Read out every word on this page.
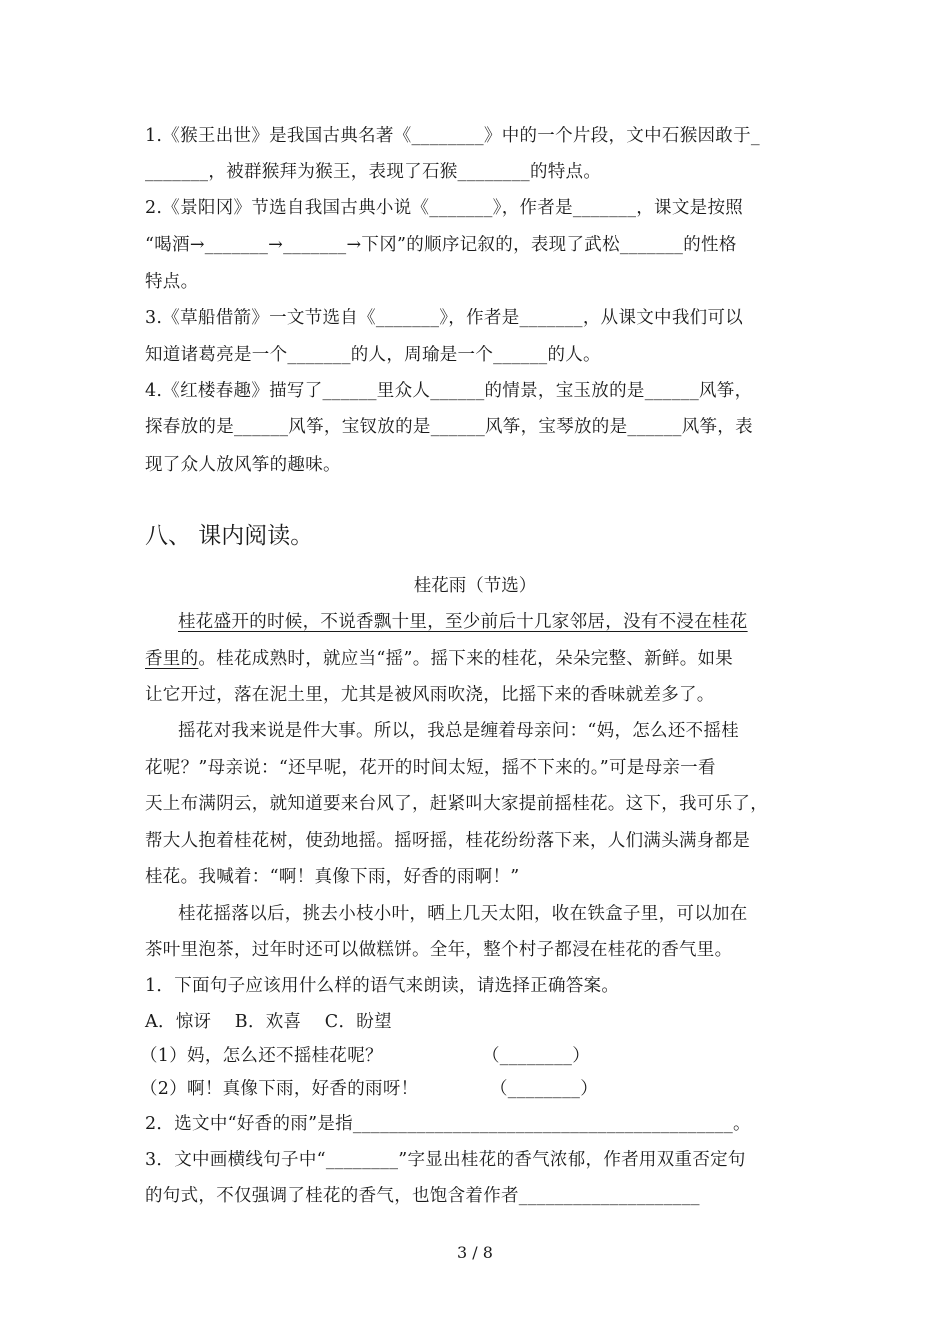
1.《猴王出世》是我国古典名著《________》中的一个片段，文中石猴因敢于_
_______，被群猴拜为猴王，表现了石猴________的特点。
2.《景阳冈》节选自我国古典小说《_______》，作者是_______，课文是按照
“喝酒→_______→_______→下冈”的顺序记叙的，表现了武松_______的性格
特点。
3.《草船借箭》一文节选自《_______》，作者是_______，从课文中我们可以
知道诸葛亮是一个_______的人，周瑜是一个______的人。
4.《红楼春趣》描写了______里众人______的情景，宝玉放的是______风筝，
探春放的是______风筝，宝钗放的是______风筝，宝琴放的是______风筝，表
现了众人放风筝的趣味。
八、 课内阅读。
桂花雨（节选）
桂花盛开的时候，不说香飘十里，至少前后十几家邻居，没有不浸在桂花
香里的。桂花成熟时，就应当“摇”。摇下来的桂花，朵朵完整、新鲜。如果
让它开过，落在泥土里，尤其是被风雨吹浇，比摇下来的香味就差多了。
摇花对我来说是件大事。所以，我总是缠着母亲问：“妈，怎么还不摇桂
花呢？”母亲说：“还早呢，花开的时间太短，摇不下来的。”可是母亲一看
天上布满阴云，就知道要来台风了，赶紧叫大家提前摇桂花。这下，我可乐了，
帮大人抱着桂花树，使劲地摇。摇呀摇，桂花纷纷落下来，人们满头满身都是
桂花。我喊着：“啊！真像下雨，好香的雨啊！”
桂花摇落以后，挑去小枝小叶，晒上几天太阳，收在铁盒子里，可以加在
茶叶里泡茶，过年时还可以做糕饼。全年，整个村子都浸在桂花的香气里。
1．下面句子应该用什么样的语气来朗读，请选择正确答案。
A．惊讶    B．欢喜    C．盼望
（1）妈，怎么还不摇桂花呢？	（________）
（2）啊！真像下雨，好香的雨呀！	（________）
2．选文中“好香的雨”是指__________________________________________。
3．文中画横线句子中“________”字显出桂花的香气浓郁，作者用双重否定句
的句式，不仅强调了桂花的香气，也饱含着作者____________________
3 / 8
